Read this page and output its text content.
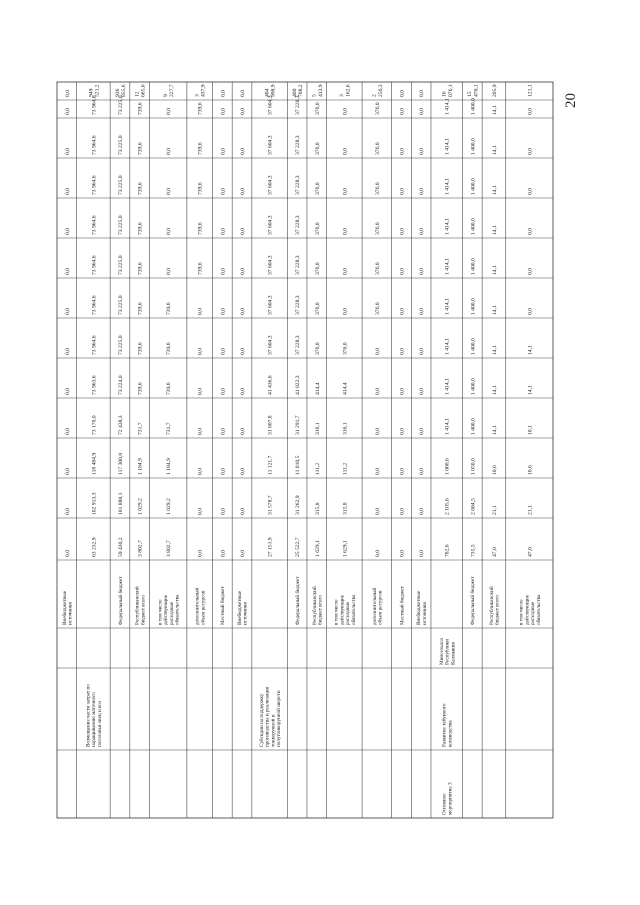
Внебюджетные источники
0,0
0,0
0,0
0,0
0,0
0,0
0,0
0,0
0,0
0,0
0,0
0,0
0,0
Возмещение части затрат по наращиванию маточного поголовья овец и коз
63 232,9
102 913,3
118 484,9
73 170,0
73 963,6
73 964,6
73 964,6
73 964,6
73 964,6
73 964,6
73 964,6
73 964,6
949 521,2
Федеральный бюджет
59 430,2
101 888,1
117 300,0
72 438,3
73 224,0
73 225,0
73 225,0
73 225,0
73 225,0
73 225,0
73 225,0
73 225,0
936 855,6
Республиканский бюджет всего
3 802,7
1 029,2
1 184,9
731,7
739,6
739,6
739,6
739,6
739,6
739,6
739,6
739,6
12 665,6
в том числе действующие расходные обязательства
3 802,7
1 029,2
1 184,9
731,7
739,6
739,6
739,6
0,0
0,0
0,0
0,0
0,0
9 227,7
дополнительный объем ресурсов
0,0
0,0
0,0
0,0
0,0
0,0
0,0
739,6
739,6
739,6
739,6
739,6
3 437,9
Местный бюджет
0,0
0,0
0,0
0,0
0,0
0,0
0,0
0,0
0,0
0,0
0,0
0,0
0,0
Внебюджетные источники
0,0
0,0
0,0
0,0
0,0
0,0
0,0
0,0
0,0
0,0
0,0
0,0
0,0
Субсидии на поддержку производства и реализации тонкорунной и полутонкорунной шерсти
27 151,9
31 578,7
11 121,7
31 607,8
41 436,6
37 604,3
37 604,3
37 604,3
37 604,3
37 604,3
37 604,3
37 604,3
404 998,9
Федеральный бюджет
25 522,7
31 262,9
11 010,5
31 291,7
41 022,3
37 228,3
37 228,3
37 228,3
37 228,3
37 228,3
37 228,3
37 228,3
400 708,2
Республиканский бюджет всего
1 629,1
315,8
111,2
316,1
414,4
376,0
376,0
376,0
376,0
376,0
376,0
376,0
5 413,9
в том числе действующие расходные обязательства
1 629,1
315,8
111,2
316,1
414,4
376,0
0,0
0,0
0,0
0,0
0,0
0,0
3 162,6
дополнительный объем ресурсов
0,0
0,0
0,0
0,0
0,0
0,0
376,0
376,0
376,0
376,0
376,0
376,0
2 256,3
Местный бюджет
0,0
0,0
0,0
0,0
0,0
0,0
0,0
0,0
0,0
0,0
0,0
0,0
0,0
Внебюджетные источники
0,0
0,0
0,0
0,0
0,0
0,0
0,0
0,0
0,0
0,0
0,0
0,0
0,0
Основное мероприятие 3
Развитие табунного коневодства
Минсельхоз Республики Калмыкия
782,6
2 105,6
1 060,6
1 414,1
1 414,1
1 414,1
1 414,1
1 414,1
1 414,1
1 414,1
1 414,1
1 414,1
16 076,1
Федеральный бюджет
735,5
2 084,5
1 050,0
1 400,0
1 400,0
1 400,0
1 400,0
1 400,0
1 400,0
1 400,0
1 400,0
1 400,0
15 470,1
Республиканский бюджет всего
47,0
21,1
10,6
14,1
14,1
14,1
14,1
14,1
14,1
14,1
14,1
14,1
205,9
в том числе действующие расходные обязательства
47,0
21,1
10,6
10,1
14,1
14,1
0,0
0,0
0,0
0,0
0,0
0,0
121,1
20
